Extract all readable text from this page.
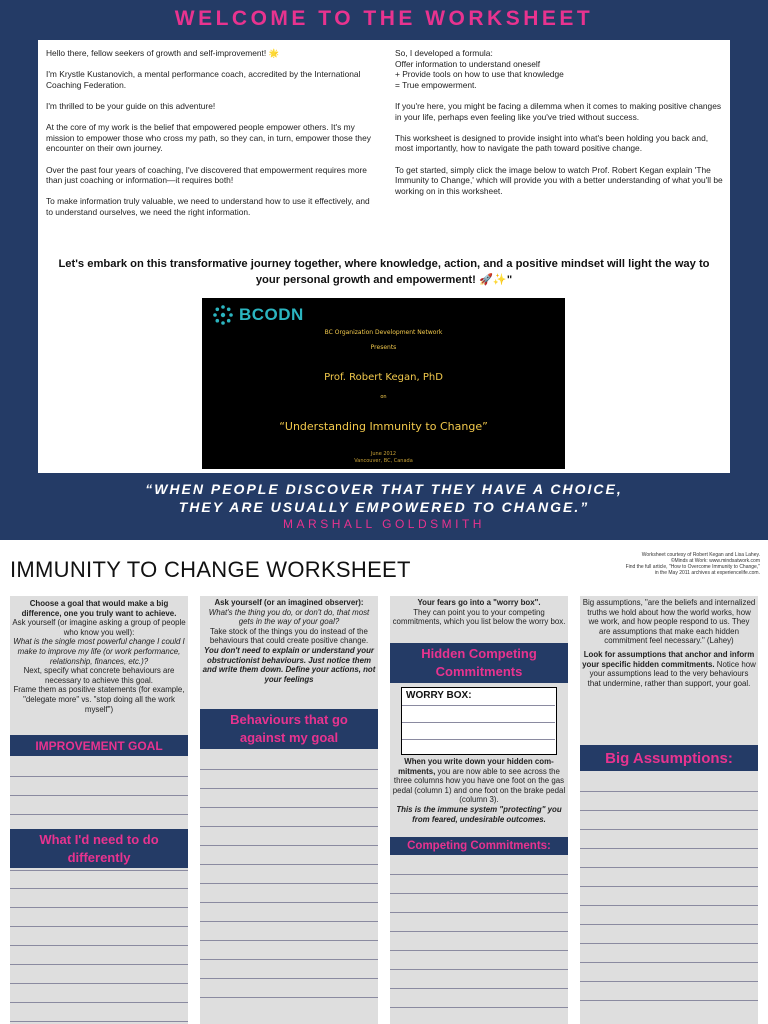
WELCOME TO THE WORKSHEET

Hello there, fellow seekers of growth and self-improvement! 🌟

I'm Krystle Kustanovich, a mental performance coach, accredited by the International Coaching Federation.

I'm thrilled to be your guide on this adventure!

At the core of my work is the belief that empowered people empower others. It's my mission to empower those who cross my path, so they can, in turn, empower those they encounter on their own journey.

Over the past four years of coaching, I've discovered that empowerment requires more than just coaching or information—it requires both!

To make information truly valuable, we need to understand how to use it effectively, and to understand ourselves, we need the right information.

So, I developed a formula:
Offer information to understand oneself
+ Provide tools on how to use that knowledge
= True empowerment.

If you're here, you might be facing a dilemma when it comes to making positive changes in your life, perhaps even feeling like you've tried without success.

This worksheet is designed to provide insight into what's been holding you back and, most importantly, how to navigate the path toward positive change.

To get started, simply click the image below to watch Prof. Robert Kegan explain 'The Immunity to Change,' which will provide you with a better understanding of what you'll be working on in this worksheet.

Let's embark on this transformative journey together, where knowledge, action, and a positive mindset will light the way to your personal growth and empowerment! 🚀✨"
BCODN
BC Organization Development Network
Presents
Prof. Robert Kegan, PhD
on
“Understanding Immunity to Change”
June 2012
Vancouver, BC, Canada
“WHEN PEOPLE DISCOVER THAT THEY HAVE A CHOICE,
THEY ARE USUALLY EMPOWERED TO CHANGE.”
MARSHALL GOLDSMITH
IMMUNITY TO CHANGE WORKSHEET
Worksheet courtesy of Robert Kegan and Lisa Lahey.
©Minds at Work: www.mindsatwork.com
Find the full article, "How to Overcome Immunity to Change,"
in the May 2011 archives at experiencelife.com.
Choose a goal that would make a big difference, one you truly want to achieve.
Ask yourself (or imagine asking a group of people who know you well):
What is the single most powerful change I could I make to improve my life (or work performance, relationship, finances, etc.)?
Next, specify what concrete behaviours are necessary to achieve this goal.
Frame them as positive statements (for example, "delegate more" vs. "stop doing all the work myself")
IMPROVEMENT GOAL
What I'd need to do differently
Ask yourself (or an imagined observer):
What's the thing you do, or don't do, that most gets in the way of your goal?
Take stock of the things you do instead of the behaviours that could create positive change.
You don't need to explain or understand your obstructionist behaviours. Just notice them and write them down. Define your actions, not your feelings
Behaviours that go against my goal
Your fears go into a "worry box".
They can point you to your competing commitments, which you list below the worry box.
Hidden Competing Commitments
WORRY BOX:
When you write down your hidden com- mitments, you are now able to see across the three columns how you have one foot on the gas pedal (column 1) and one foot on the brake pedal (column 3).
This is the immune system "protecting" you from feared, undesirable outcomes.
Competing Commitments:
Big assumptions, "are the beliefs and internalized truths we hold about how the world works, how we work, and how people respond to us. They are assumptions that make each hidden commitment feel necessary." (Lahey)
Look for assumptions that anchor and inform your specific hidden commitments. Notice how your assumptions lead to the very behaviours that undermine, rather than support, your goal.
Big Assumptions:
